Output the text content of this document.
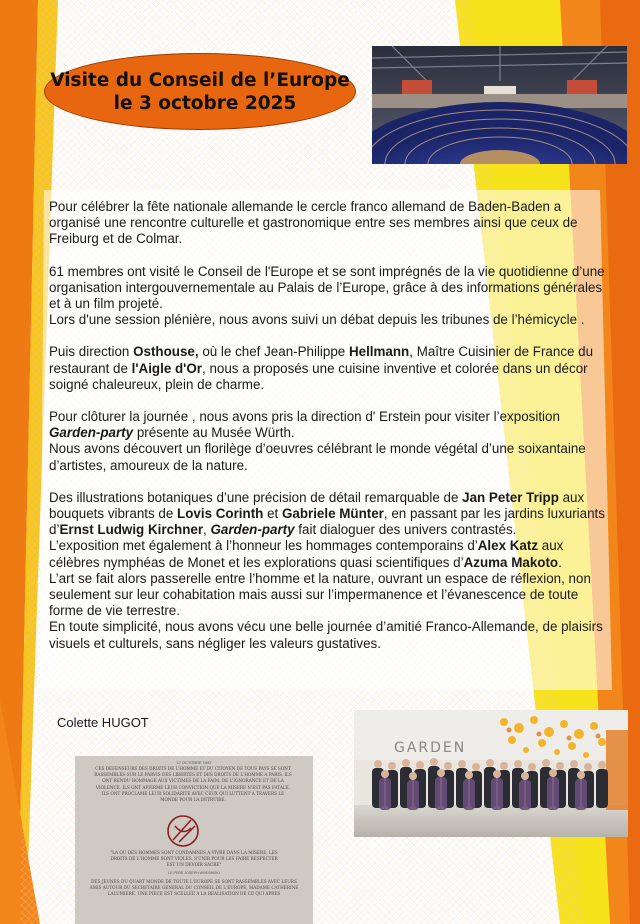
Visite du Conseil de l’Europe
le 3 octobre 2025

Pour célébrer la fête nationale allemande le cercle franco allemand de Baden-Baden a organisé une rencontre culturelle et gastronomique entre ses membres ainsi que ceux de Freiburg et de Colmar.

61 membres ont visité le Conseil de l'Europe et se sont imprégnés de la vie quotidienne d’une organisation intergouvernementale au Palais de l’Europe, grâce à des informations générales et à un film projeté.
Lors d'une session plénière, nous avons suivi un débat depuis les tribunes de l’hémicycle .

Puis direction Osthouse, où le chef Jean-Philippe Hellmann, Maître Cuisinier de France du restaurant de l'Aigle d'Or, nous a proposés une cuisine inventive et colorée dans un décor soigné chaleureux, plein de charme.

Pour clôturer la journée , nous avons pris la direction d' Erstein pour visiter l’exposition Garden-party présente au Musée Würth.
Nous avons découvert un florilège d’oeuvres célébrant le monde végétal d’une soixantaine d’artistes, amoureux de la nature.

Des illustrations botaniques d’une précision de détail remarquable de Jan Peter Tripp aux bouquets vibrants de Lovis Corinth et Gabriele Münter, en passant par les jardins luxuriants d’Ernst Ludwig Kirchner, Garden-party fait dialoguer des univers contrastés.
L’exposition met également à l’honneur les hommages contemporains d’Alex Katz aux célèbres nymphéas de Monet et les explorations quasi scientifiques d’Azuma Makoto.
L’art se fait alors passerelle entre l’homme et la nature, ouvrant un espace de réflexion, non seulement sur leur cohabitation mais aussi sur l’impermanence et l’évanescence de toute forme de vie terrestre.
En toute simplicité, nous avons vécu une belle journée d’amitié Franco-Allemande, de plaisirs visuels et culturels, sans négliger les valeurs gustatives.

Colette HUGOT
17 OCTOBRE 1987
CES DEFENSEURS DES DROITS DE L'HOMME ET DU CITOYEN DE TOUS PAYS SE SONT RASSEMBLES SUR LE PARVIS DES LIBERTES ET DES DROITS DE L'HOMME A PARIS. ILS ONT RENDU HOMMAGE AUX VICTIMES DE LA FAIM, DE L'IGNORANCE ET DE LA VIOLENCE. ILS ONT AFFIRME LEUR CONVICTION QUE LA MISERE N'EST PAS FATALE. ILS ONT PROCLAME LEUR SOLIDARITE AVEC CEUX QUI LUTTENT A TRAVERS LE MONDE POUR LA DETRUIRE.
"LA OU DES HOMMES SONT CONDAMNES A VIVRE DANS LA MISERE, LES DROITS DE L'HOMME SONT VIOLES. S'UNIR POUR LES FAIRE RESPECTER EST UN DEVOIR SACRE"
LE PERE JOSEPH WRESINSKI
DES JEUNES DU QUART MONDE DE TOUTE L'EUROPE SE SONT RASSEMBLES AVEC LEURS AMIS AUTOUR DU SECRETAIRE GENERAL DU CONSEIL DE L'EUROPE, MADAME CATHERINE LALUMIERE. UNE PIECE EST SCELLEE A LA REALISATION DE CE QUI APRES
GARDEN
